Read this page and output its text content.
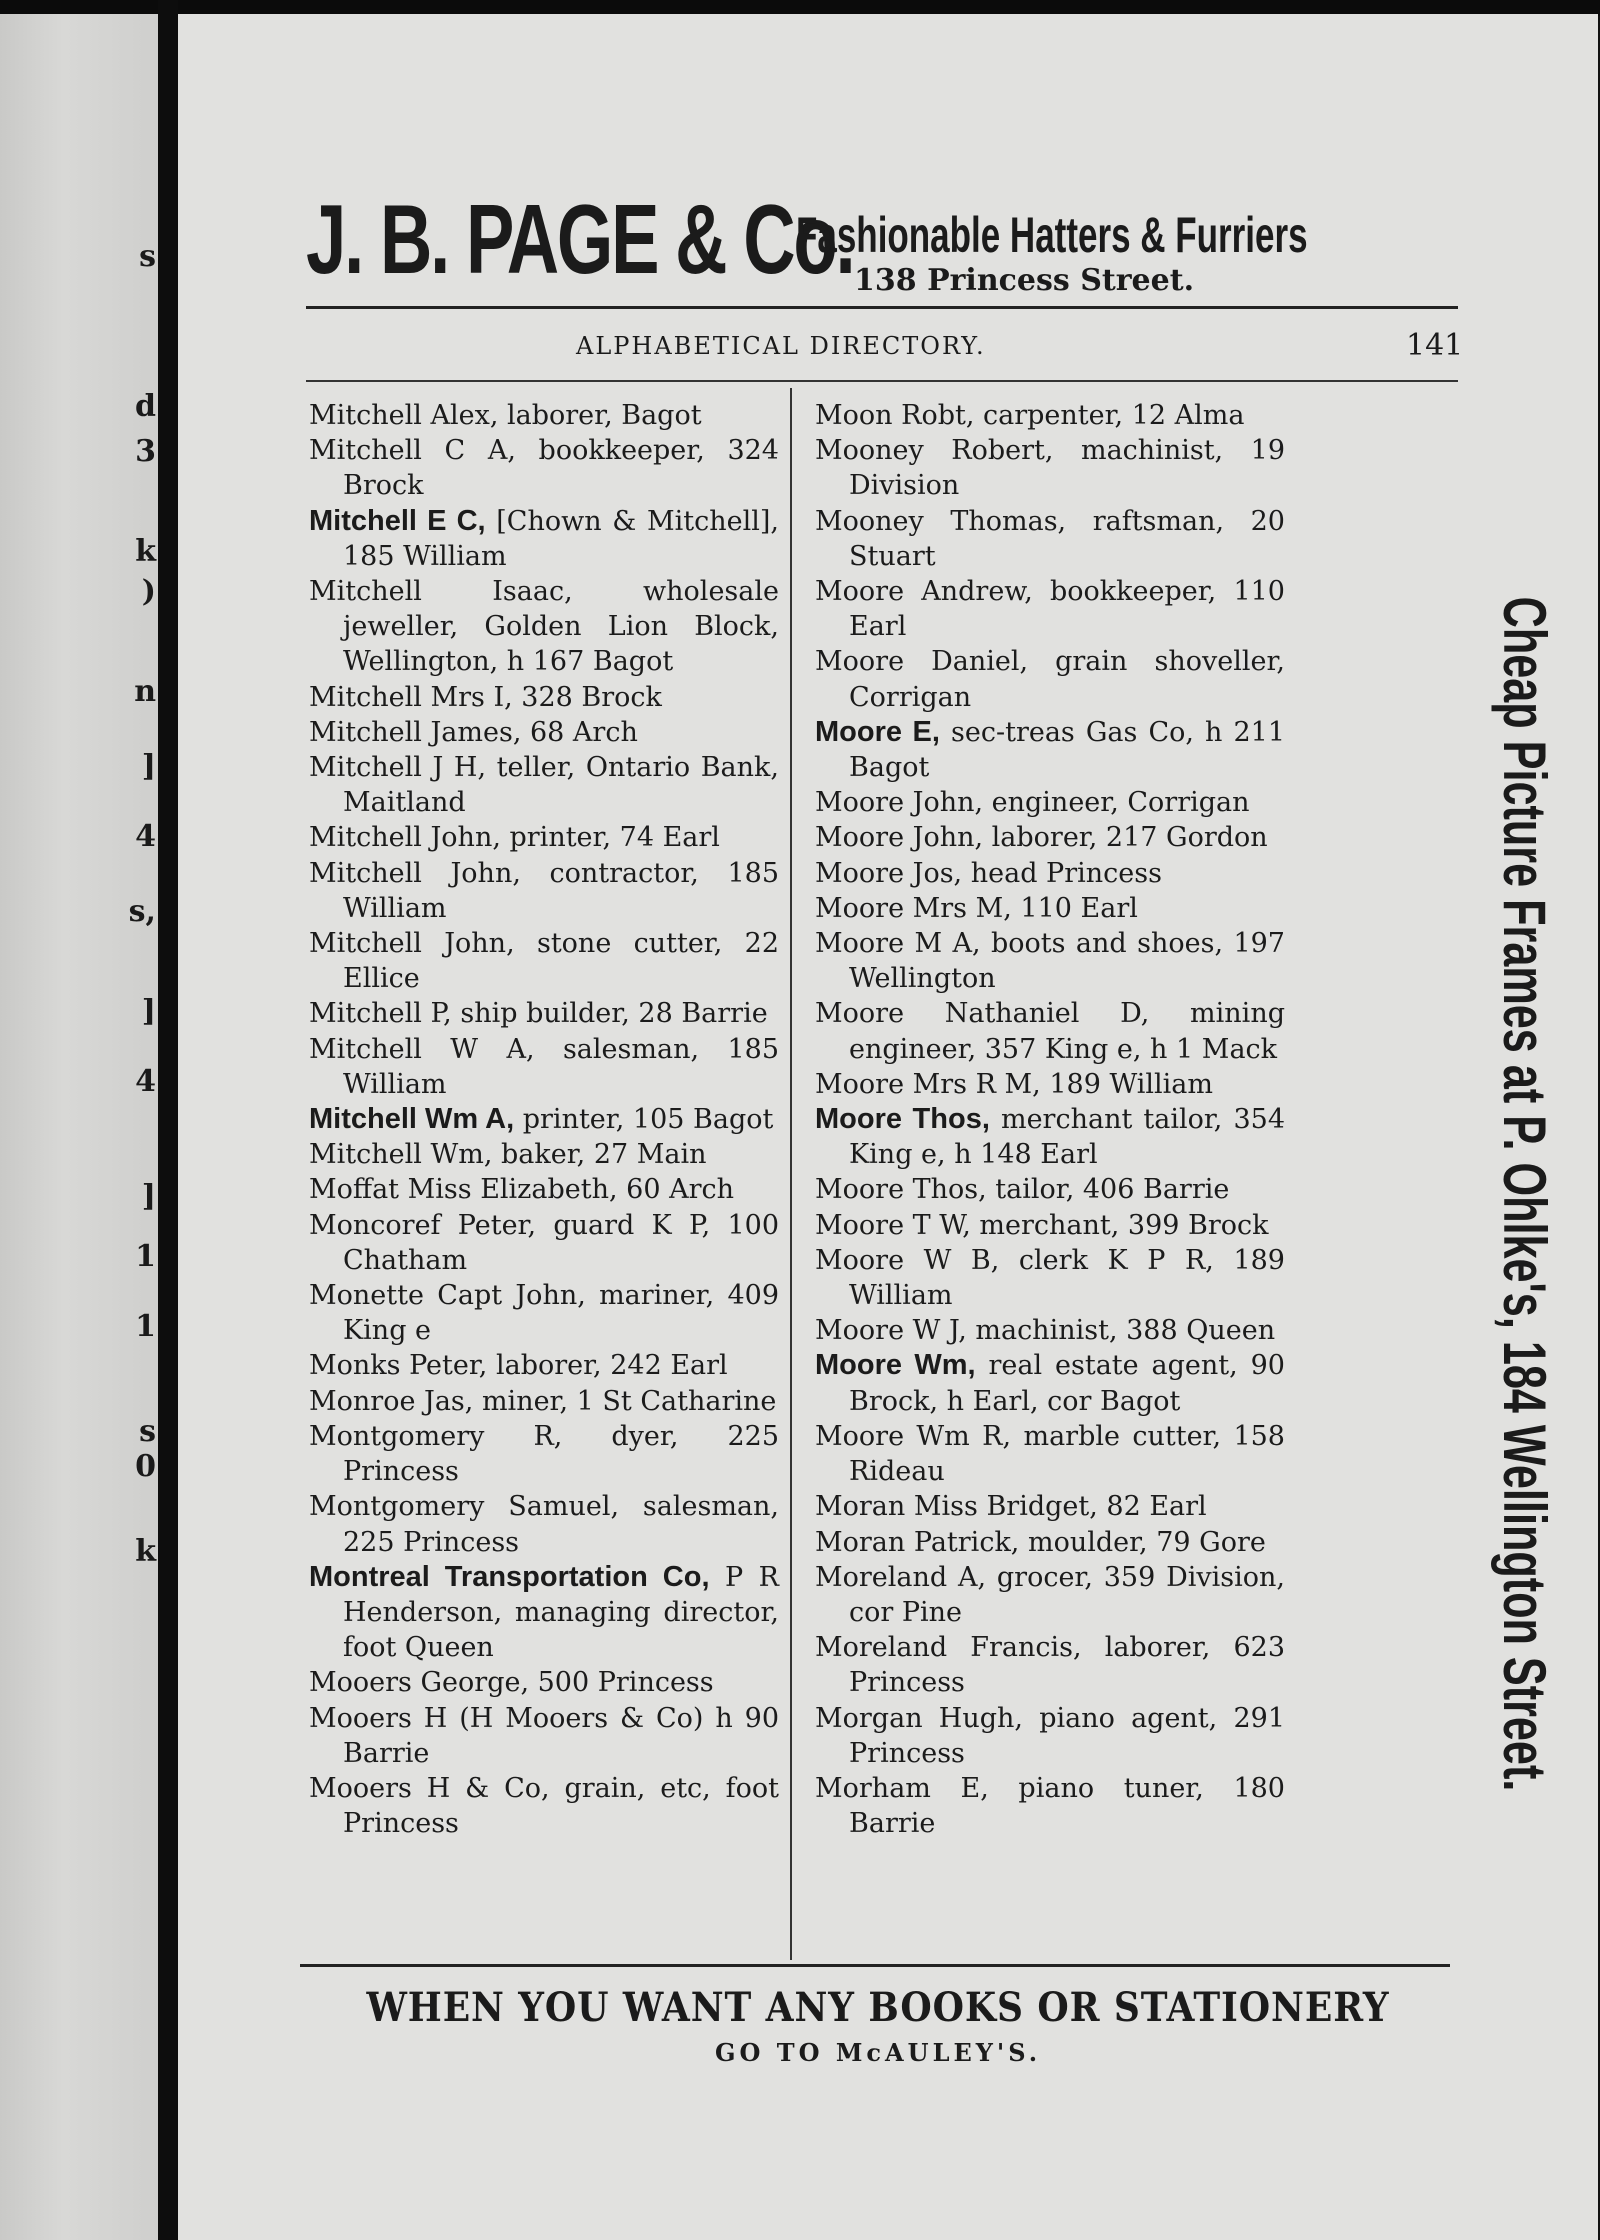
s
d
3
k
)
n
]
4
s,
]
4
]
1
1
s
0
k
J. B. PAGE & Co.
Fashionable Hatters & Furriers
138 Princess Street.
ALPHABETICAL DIRECTORY.	141
Mitchell Alex, laborer, Bagot
Mitchell C A, bookkeeper, 324 Brock
Mitchell E C, [Chown & Mitchell], 185 William
Mitchell Isaac, wholesale jeweller, Golden Lion Block, Wellington, h 167 Bagot
Mitchell Mrs I, 328 Brock
Mitchell James, 68 Arch
Mitchell J H, teller, Ontario Bank, Maitland
Mitchell John, printer, 74 Earl
Mitchell John, contractor, 185 William
Mitchell John, stone cutter, 22 Ellice
Mitchell P, ship builder, 28 Barrie
Mitchell W A, salesman, 185 William
Mitchell Wm A, printer, 105 Bagot
Mitchell Wm, baker, 27 Main
Moffat Miss Elizabeth, 60 Arch
Moncoref Peter, guard K P, 100 Chatham
Monette Capt John, mariner, 409 King e
Monks Peter, laborer, 242 Earl
Monroe Jas, miner, 1 St Catharine
Montgomery R, dyer, 225 Princess
Montgomery Samuel, salesman, 225 Princess
Montreal Transportation Co, P R Henderson, managing director, foot Queen
Mooers George, 500 Princess
Mooers H (H Mooers & Co) h 90 Barrie
Mooers H & Co, grain, etc, foot Princess
Moon Robt, carpenter, 12 Alma
Mooney Robert, machinist, 19 Division
Mooney Thomas, raftsman, 20 Stuart
Moore Andrew, bookkeeper, 110 Earl
Moore Daniel, grain shoveller, Corrigan
Moore E, sec-treas Gas Co, h 211 Bagot
Moore John, engineer, Corrigan
Moore John, laborer, 217 Gordon
Moore Jos, head Princess
Moore Mrs M, 110 Earl
Moore M A, boots and shoes, 197 Wellington
Moore Nathaniel D, mining engineer, 357 King e, h 1 Mack
Moore Mrs R M, 189 William
Moore Thos, merchant tailor, 354 King e, h 148 Earl
Moore Thos, tailor, 406 Barrie
Moore T W, merchant, 399 Brock
Moore W B, clerk K P R, 189 William
Moore W J, machinist, 388 Queen
Moore Wm, real estate agent, 90 Brock, h Earl, cor Bagot
Moore Wm R, marble cutter, 158 Rideau
Moran Miss Bridget, 82 Earl
Moran Patrick, moulder, 79 Gore
Moreland A, grocer, 359 Division, cor Pine
Moreland Francis, laborer, 623 Princess
Morgan Hugh, piano agent, 291 Princess
Morham E, piano tuner, 180 Barrie
Cheap Picture Frames at P. Ohlke's, 184 Wellington Street.
WHEN YOU WANT ANY BOOKS OR STATIONERY
GO TO McAULEY'S.
